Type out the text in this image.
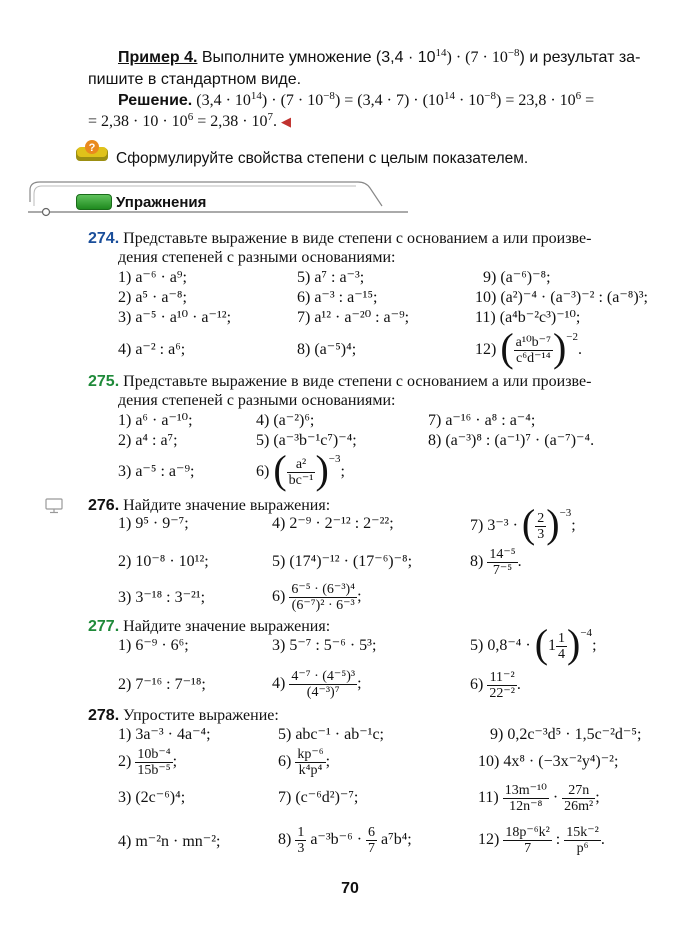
Пример 4. Выполните умножение $(3,4 \cdot 10^{14}) \cdot (7 \cdot 10^{-8})$ и результат за-
пишите в стандартном виде.
Решение. $(3,4 \cdot 10^{14}) \cdot (7 \cdot 10^{-8}) = (3,4 \cdot 7) \cdot (10^{14} \cdot 10^{-8}) = 23,8 \cdot 10^6$ =
= $2,38 \cdot 10 \cdot 10^6 = 2,38 \cdot 10^7$. ◀
?
Сформулируйте свойства степени с целым показателем.
Упражнения
274. Представьте выражение в виде степени с основанием a или произве-
дения степеней с разными основаниями:
1) a⁻⁶ · a⁹;	5) a⁷ : a⁻³;	9) (a⁻⁶)⁻⁸;
2) a⁵ · a⁻⁸;	6) a⁻³ : a⁻¹⁵;	10) (a²)⁻⁴ · (a⁻³)⁻² : (a⁻⁸)³;
3) a⁻⁵ · a¹⁰ · a⁻¹²;	7) a¹² · a⁻²⁰ : a⁻⁹;	11) (a⁴b⁻²c³)⁻¹⁰;
4) a⁻² : a⁶;	8) (a⁻⁵)⁴;	12) ( $\frac{\text{a¹⁰b⁻⁷}}{\text{c⁶d⁻¹⁴}} )^{-2}$.
275. Представьте выражение в виде степени с основанием a или произве-
дения степеней с разными основаниями:
1) a⁶ · a⁻¹⁰;	4) (a⁻²)⁶;	7) a⁻¹⁶ · a⁸ : a⁻⁴;
2) a⁴ : a⁷;	5) (a⁻³b⁻¹c⁷)⁻⁴;	8) (a⁻³)⁸ : (a⁻¹)⁷ · (a⁻⁷)⁻⁴.
3) a⁻⁵ : a⁻⁹;	6) ( $\frac{\text{a²}}{\text{bc⁻¹}} )^{-3}$;
276. Найдите значение выражения:
1) 9⁵ · 9⁻⁷;	4) 2⁻⁹ · 2⁻¹² : 2⁻²²;	7) 3⁻³ · ( $\frac{2}{3} )^{-3}$;
2) 10⁻⁸ · 10¹²;	5) (17⁴)⁻¹² · (17⁻⁶)⁻⁸;	$8) \frac{\text{14⁻⁵}}{\text{7⁻⁵}}$ .
3) 3⁻¹⁸ : 3⁻²¹;	$6) \frac{\text{6⁻⁵ · (6⁻³)⁴}}{\text{(6⁻⁷)² · 6⁻³}}$ ;
277. Найдите значение выражения:
1) 6⁻⁹ · 6⁶;	3) 5⁻⁷ : 5⁻⁶ · 5³;	5) $0,8^{-4} \cdot (1 \frac{1}{4} )^{-4}$;
2) 7⁻¹⁶ : 7⁻¹⁸;	$4) \frac{\text{4⁻⁷ · (4⁻⁵)³}}{\text{(4⁻³)⁷}}$ ;	$6) \frac{\text{11⁻²}}{\text{22⁻²}}$ .
278. Упростите выражение:
1) 3a⁻³ · 4a⁻⁴;	5) abc⁻¹ · ab⁻¹c;	9) 0,2c⁻³d⁵ · 1,5c⁻²d⁻⁵;
$2) \frac{\text{10b⁻⁴}}{\text{15b⁻⁵}}$ ;	$6) \frac{\text{kp⁻⁶}}{\text{k⁴p⁴}}$ ;	10) 4x⁸ · (−3x⁻²y⁴)⁻²;
3) (2c⁻⁶)⁴;	7) (c⁻⁶d²)⁻⁷;	$11) \frac{\text{13m⁻¹⁰}}{\text{12n⁻⁸}} \cdot \frac{27n}{\text{26m²}}$ ;
4) m⁻²n · mn⁻²;	$8) \frac{1}{3} a^{-3}b^{-6} \cdot \frac{6}{7} a^7b^4$;	$12) \frac{\text{18p⁻⁶k²}}{7}$ : $\frac{\text{15k⁻²}}{\text{p⁶}}$ .
70
